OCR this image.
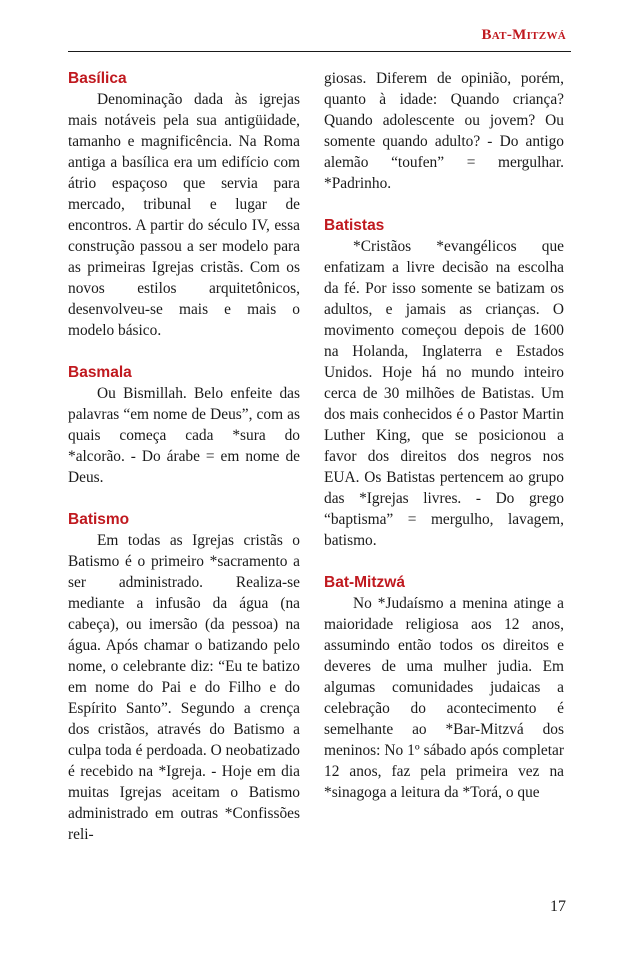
BAT-MITZWÁ
Basílica

Denominação dada às igrejas mais notáveis pela sua antigüidade, tamanho e magnificência. Na Roma antiga a basílica era um edifício com átrio espaçoso que servia para mercado, tribunal e lugar de encontros. A partir do século IV, essa construção passou a ser modelo para as primeiras Igrejas cristãs. Com os novos estilos arquitetônicos, desenvolveu-se mais e mais o modelo básico.

Basmala

Ou Bismillah. Belo enfeite das palavras “em nome de Deus”, com as quais começa cada *sura do *alcorão. - Do árabe = em nome de Deus.

Batismo

Em todas as Igrejas cristãs o Batismo é o primeiro *sacramento a ser administrado. Realiza-se mediante a infusão da água (na cabeça), ou imersão (da pessoa) na água. Após chamar o batizando pelo nome, o celebrante diz: “Eu te batizo em nome do Pai e do Filho e do Espírito Santo”. Segundo a crença dos cristãos, através do Batismo a culpa toda é perdoada. O neobatizado é recebido na *Igreja. - Hoje em dia muitas Igrejas aceitam o Batismo administrado em outras *Confissões reli-

giosas. Diferem de opinião, porém, quanto à idade: Quando criança? Quando adolescente ou jovem? Ou somente quando adulto? - Do antigo alemão “toufen” = mergulhar. *Padrinho.

Batistas

*Cristãos *evangélicos que enfatizam a livre decisão na escolha da fé. Por isso somente se batizam os adultos, e jamais as crianças. O movimento começou depois de 1600 na Holanda, Inglaterra e Estados Unidos. Hoje há no mundo inteiro cerca de 30 milhões de Batistas. Um dos mais conhecidos é o Pastor Martin Luther King, que se posicionou a favor dos direitos dos negros nos EUA. Os Batistas pertencem ao grupo das *Igrejas livres. - Do grego “baptisma” = mergulho, lavagem, batismo.

Bat-Mitzwá

No *Judaísmo a menina atinge a maioridade religiosa aos 12 anos, assumindo então todos os direitos e deveres de uma mulher judia. Em algumas comunidades judaicas a celebração do acontecimento é semelhante ao *Bar-Mitzvá dos meninos: No 1º sábado após completar 12 anos, faz pela primeira vez na *sinagoga a leitura da *Torá, o que

17
